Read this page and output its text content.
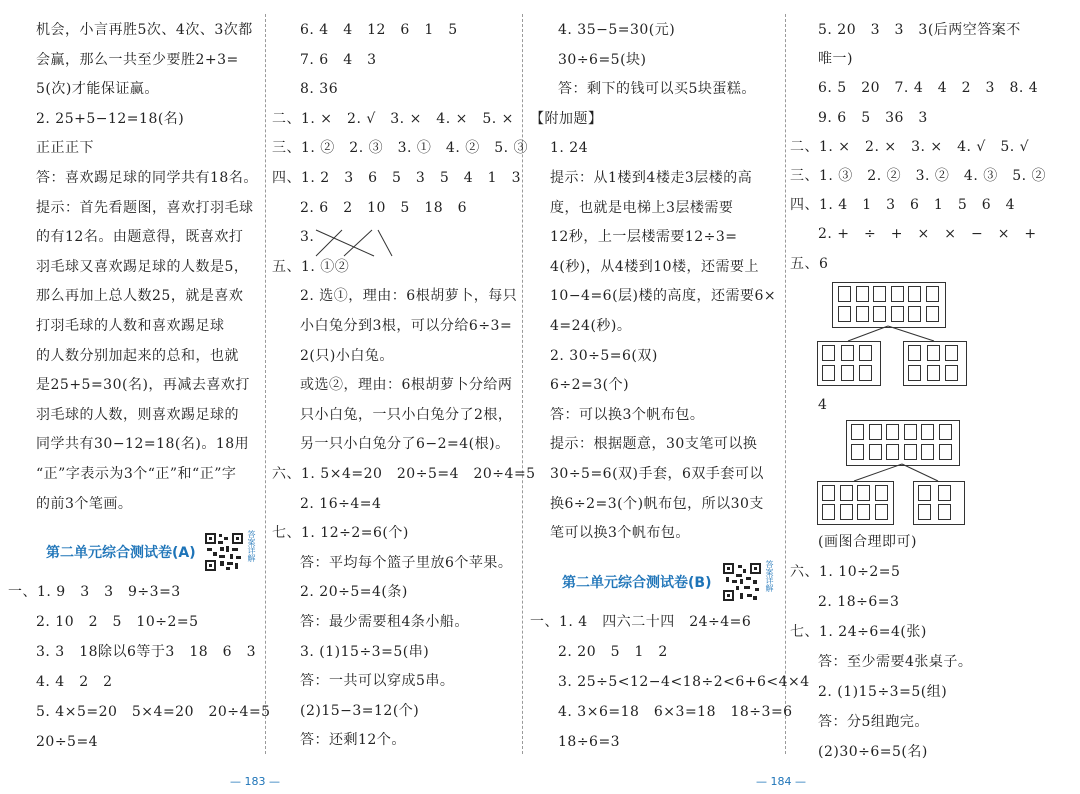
机会，小言再胜5次、4次、3次都
会赢，那么一共至少要胜2+3=
5(次)才能保证赢。
2. 25+5−12=18(名)
正正正下
答：喜欢踢足球的同学共有18名。
提示：首先看题图，喜欢打羽毛球
的有12名。由题意得，既喜欢打
羽毛球又喜欢踢足球的人数是5，
那么再加上总人数25，就是喜欢
打羽毛球的人数和喜欢踢足球
的人数分别加起来的总和，也就
是25+5=30(名)，再减去喜欢打
羽毛球的人数，则喜欢踢足球的
同学共有30−12=18(名)。18用
“正”字表示为3个“正”和“正”字
的前3个笔画。
第二单元综合测试卷(A)	答案详解
一、1. 9　3　3　9÷3=3
2. 10　2　5　10÷2=5
3. 3　18除以6等于3　18　6　3
4. 4　2　2
5. 4×5=20　5×4=20　20÷4=5
20÷5=4
6. 4　4　12　6　1　5
7. 6　4　3
8. 36
二、1. ×　2. √　3. ×　4. ×　5. ×
三、1. ②　2. ③　3. ①　4. ②　5. ③
四、1. 2　3　6　5　3　5　4　1　3
2. 6　2　10　5　18　6
3.
五、1. ①②
2. 选①，理由：6根胡萝卜，每只
小白兔分到3根，可以分给6÷3=
2(只)小白兔。
或选②，理由：6根胡萝卜分给两
只小白兔，一只小白兔分了2根，
另一只小白兔分了6−2=4(根)。
六、1. 5×4=20　20÷5=4　20÷4=5
2. 16÷4=4
七、1. 12÷2=6(个)
答：平均每个篮子里放6个苹果。
2. 20÷5=4(条)
答：最少需要租4条小船。
3. (1)15÷3=5(串)
答：一共可以穿成5串。
(2)15−3=12(个)
答：还剩12个。
4. 35−5=30(元)
30÷6=5(块)
答：剩下的钱可以买5块蛋糕。
【附加题】
1. 24
提示：从1楼到4楼走3层楼的高
度，也就是电梯上3层楼需要
12秒，上一层楼需要12÷3=
4(秒)，从4楼到10楼，还需要上
10−4=6(层)楼的高度，还需要6×
4=24(秒)。
2. 30÷5=6(双)
6÷2=3(个)
答：可以换3个帆布包。
提示：根据题意，30支笔可以换
30÷5=6(双)手套，6双手套可以
换6÷2=3(个)帆布包，所以30支
笔可以换3个帆布包。
第二单元综合测试卷(B)	答案详解
一、1. 4　四六二十四　24÷4=6
2. 20　5　1　2
3. 25÷5<12−4<18÷2<6+6<4×4
4. 3×6=18　6×3=18　18÷3=6
18÷6=3
5. 20　3　3　3(后两空答案不
唯一)
6. 5　20　7. 4　4　2　3　8. 4
9. 6　5　36　3
二、1. ×　2. ×　3. ×　4. √　5. √
三、1. ③　2. ②　3. ②　4. ③　5. ②
四、1. 4　1　3　6　1　5　6　4
2. +　÷　+　×　×　−　×　+
五、6
4
(画图合理即可)
六、1. 10÷2=5
2. 18÷6=3
七、1. 24÷6=4(张)
答：至少需要4张桌子。
2. (1)15÷3=5(组)
答：分5组跑完。
(2)30÷6=5(名)
— 183 —	— 184 —
